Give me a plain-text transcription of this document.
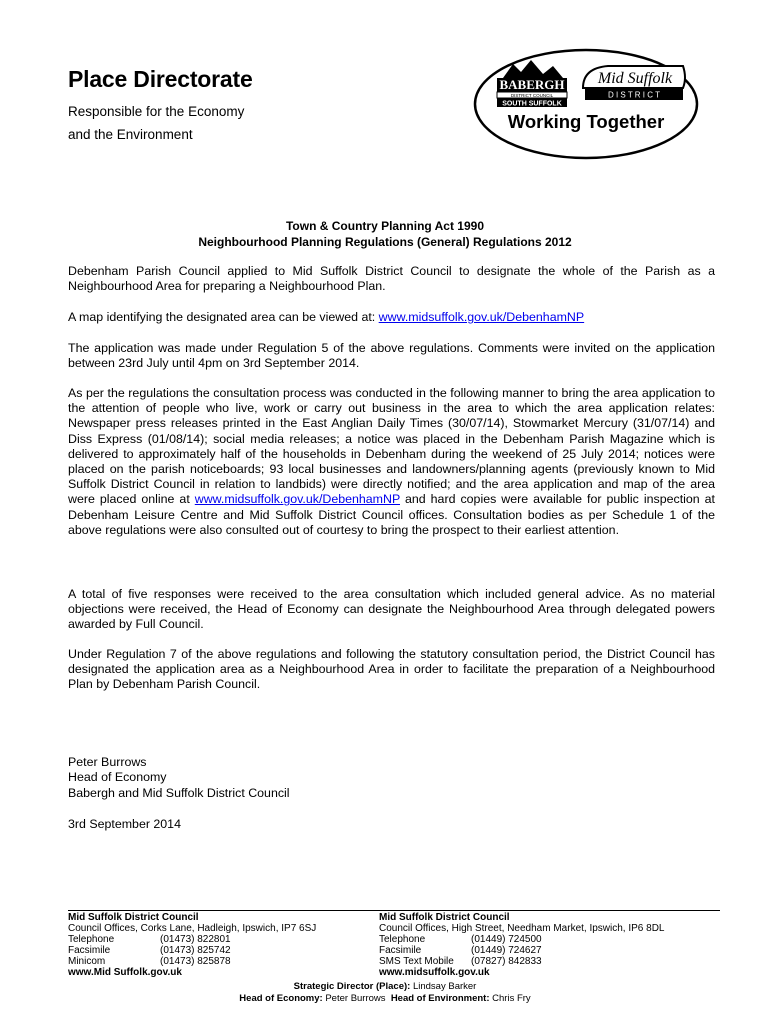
Place Directorate
Responsible for the Economy
and the Environment
BABERGH
DISTRICT COUNCIL
SOUTH SUFFOLK
Mid Suffolk
D I S T R I C T
Working Together
Town & Country Planning Act 1990
Neighbourhood Planning Regulations (General) Regulations 2012
Debenham Parish Council applied to Mid Suffolk District Council to designate the whole of the Parish as a Neighbourhood Area for preparing a Neighbourhood Plan.
A map identifying the designated area can be viewed at: www.midsuffolk.gov.uk/DebenhamNP
The application was made under Regulation 5 of the above regulations. Comments were invited on the application between 23rd July until 4pm on 3rd September 2014.
As per the regulations the consultation process was conducted in the following manner to bring the area application to the attention of people who live, work or carry out business in the area to which the area application relates: Newspaper press releases printed in the East Anglian Daily Times (30/07/14), Stowmarket Mercury (31/07/14) and Diss Express (01/08/14); social media releases; a notice was placed in the Debenham Parish Magazine which is delivered to approximately half of the households in Debenham during the weekend of 25 July 2014; notices were placed on the parish noticeboards; 93 local businesses and landowners/planning agents (previously known to Mid Suffolk District Council in relation to landbids) were directly notified; and the area application and map of the area were placed online at www.midsuffolk.gov.uk/DebenhamNP and hard copies were available for public inspection at Debenham Leisure Centre and Mid Suffolk District Council offices. Consultation bodies as per Schedule 1 of the above regulations were also consulted out of courtesy to bring the prospect to their earliest attention.
A total of five responses were received to the area consultation which included general advice. As no material objections were received, the Head of Economy can designate the Neighbourhood Area through delegated powers awarded by Full Council.
Under Regulation 7 of the above regulations and following the statutory consultation period, the District Council has designated the application area as a Neighbourhood Area in order to facilitate the preparation of a Neighbourhood Plan by Debenham Parish Council.
Peter Burrows
Head of Economy
Babergh and Mid Suffolk District Council
3rd September 2014
Mid Suffolk District Council
Council Offices, Corks Lane, Hadleigh, Ipswich, IP7 6SJ
Telephone	(01473) 822801
Facsimile	(01473) 825742
Minicom	(01473) 825878
www.Mid Suffolk.gov.uk
Mid Suffolk District Council
Council Offices, High Street, Needham Market, Ipswich, IP6 8DL
Telephone	(01449) 724500
Facsimile	(01449) 724627
SMS Text Mobile (07827) 842833
www.midsuffolk.gov.uk
Strategic Director (Place): Lindsay Barker
Head of Economy: Peter Burrows Head of Environment: Chris Fry
